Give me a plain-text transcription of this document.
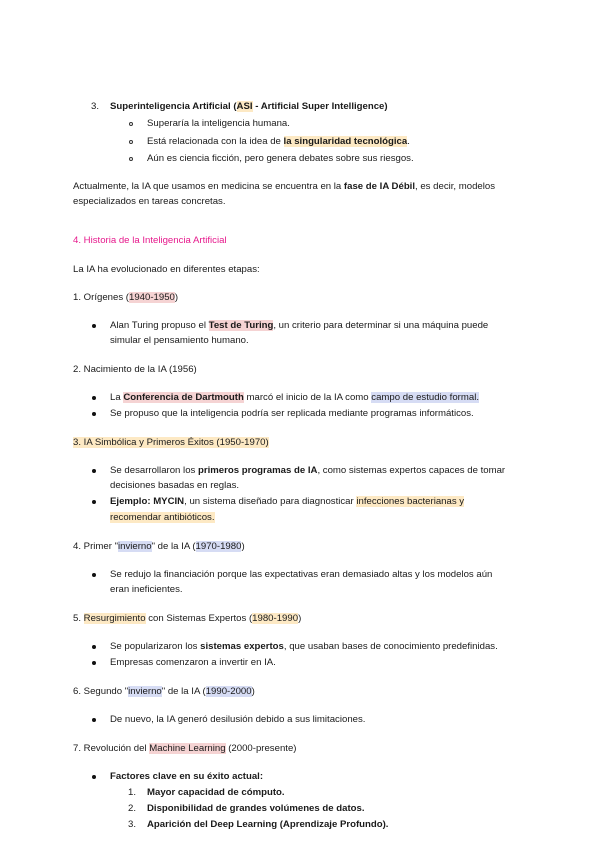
3. Superinteligencia Artificial (ASI - Artificial Super Intelligence)
Superaría la inteligencia humana.
Está relacionada con la idea de la singularidad tecnológica.
Aún es ciencia ficción, pero genera debates sobre sus riesgos.
Actualmente, la IA que usamos en medicina se encuentra en la fase de IA Débil, es decir, modelos
especializados en tareas concretas.
4. Historia de la Inteligencia Artificial
La IA ha evolucionado en diferentes etapas:
1. Orígenes (1940-1950)
Alan Turing propuso el Test de Turing, un criterio para determinar si una máquina puede
simular el pensamiento humano.
2. Nacimiento de la IA (1956)
La Conferencia de Dartmouth marcó el inicio de la IA como campo de estudio formal.
Se propuso que la inteligencia podría ser replicada mediante programas informáticos.
3. IA Simbólica y Primeros Éxitos (1950-1970)
Se desarrollaron los primeros programas de IA, como sistemas expertos capaces de tomar
decisiones basadas en reglas.
Ejemplo: MYCIN, un sistema diseñado para diagnosticar infecciones bacterianas y
recomendar antibióticos.
4. Primer "invierno" de la IA (1970-1980)
Se redujo la financiación porque las expectativas eran demasiado altas y los modelos aún
eran ineficientes.
5. Resurgimiento con Sistemas Expertos (1980-1990)
Se popularizaron los sistemas expertos, que usaban bases de conocimiento predefinidas.
Empresas comenzaron a invertir en IA.
6. Segundo "invierno" de la IA (1990-2000)
De nuevo, la IA generó desilusión debido a sus limitaciones.
7. Revolución del Machine Learning (2000-presente)
Factores clave en su éxito actual:
1. Mayor capacidad de cómputo.
2. Disponibilidad de grandes volúmenes de datos.
3. Aparición del Deep Learning (Aprendizaje Profundo).
